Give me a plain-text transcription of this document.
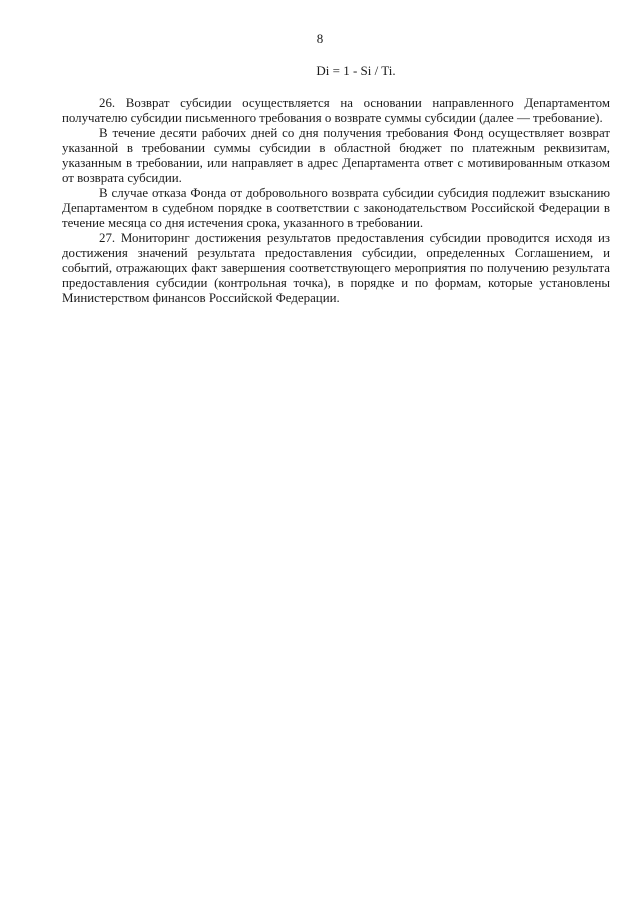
8
Di = 1 - Si / Ti.

26. Возврат субсидии осуществляется на основании направленного Департаментом получателю субсидии письменного требования о возврате суммы субсидии (далее — требование).

В течение десяти рабочих дней со дня получения требования Фонд осуществляет возврат указанной в требовании суммы субсидии в областной бюджет по платежным реквизитам, указанным в требовании, или направляет в адрес Департамента ответ с мотивированным отказом от возврата субсидии.

В случае отказа Фонда от добровольного возврата субсидии субсидия подлежит взысканию Департаментом в судебном порядке в соответствии с законодательством Российской Федерации в течение месяца со дня истечения срока, указанного в требовании.

27. Мониторинг достижения результатов предоставления субсидии проводится исходя из достижения значений результата предоставления субсидии, определенных Соглашением, и событий, отражающих факт завершения соответствующего мероприятия по получению результата предоставления субсидии (контрольная точка), в порядке и по формам, которые установлены Министерством финансов Российской Федерации.
